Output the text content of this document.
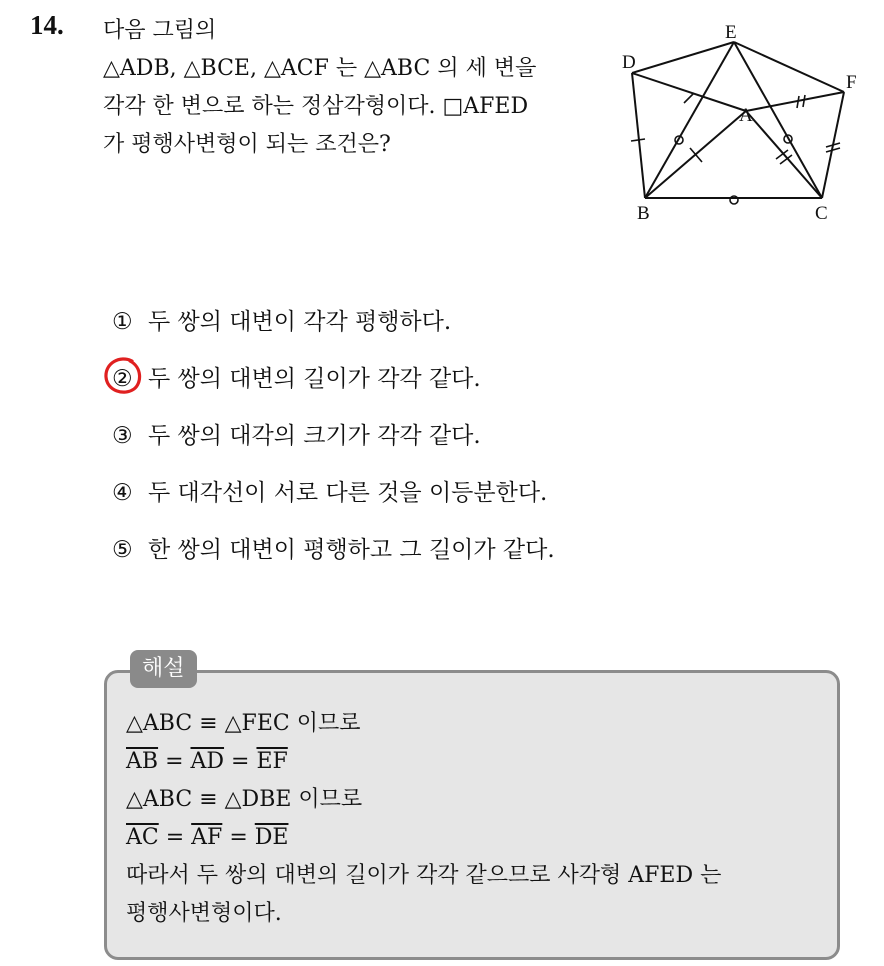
14. 다음 그림의
△ADB, △BCE, △ACF 는 △ABC 의 세 변을
각각 한 변으로 하는 정삼각형이다. □AFED
가 평행사변형이 되는 조건은?
E
D
F
A
B	C
① 두 쌍의 대변이 각각 평행하다.
② 두 쌍의 대변의 길이가 각각 같다.
③ 두 쌍의 대각의 크기가 각각 같다.
④ 두 대각선이 서로 다른 것을 이등분한다.
⑤ 한 쌍의 대변이 평행하고 그 길이가 같다.
해설
△ABC ≡ △FEC 이므로
$\overline{AB} = \overline{AD} = \overline{EF}$
△ABC ≡ △DBE 이므로
$\overline{AC} = \overline{AF} = \overline{DE}$
따라서 두 쌍의 대변의 길이가 각각 같으므로 사각형 AFED 는
평행사변형이다.
